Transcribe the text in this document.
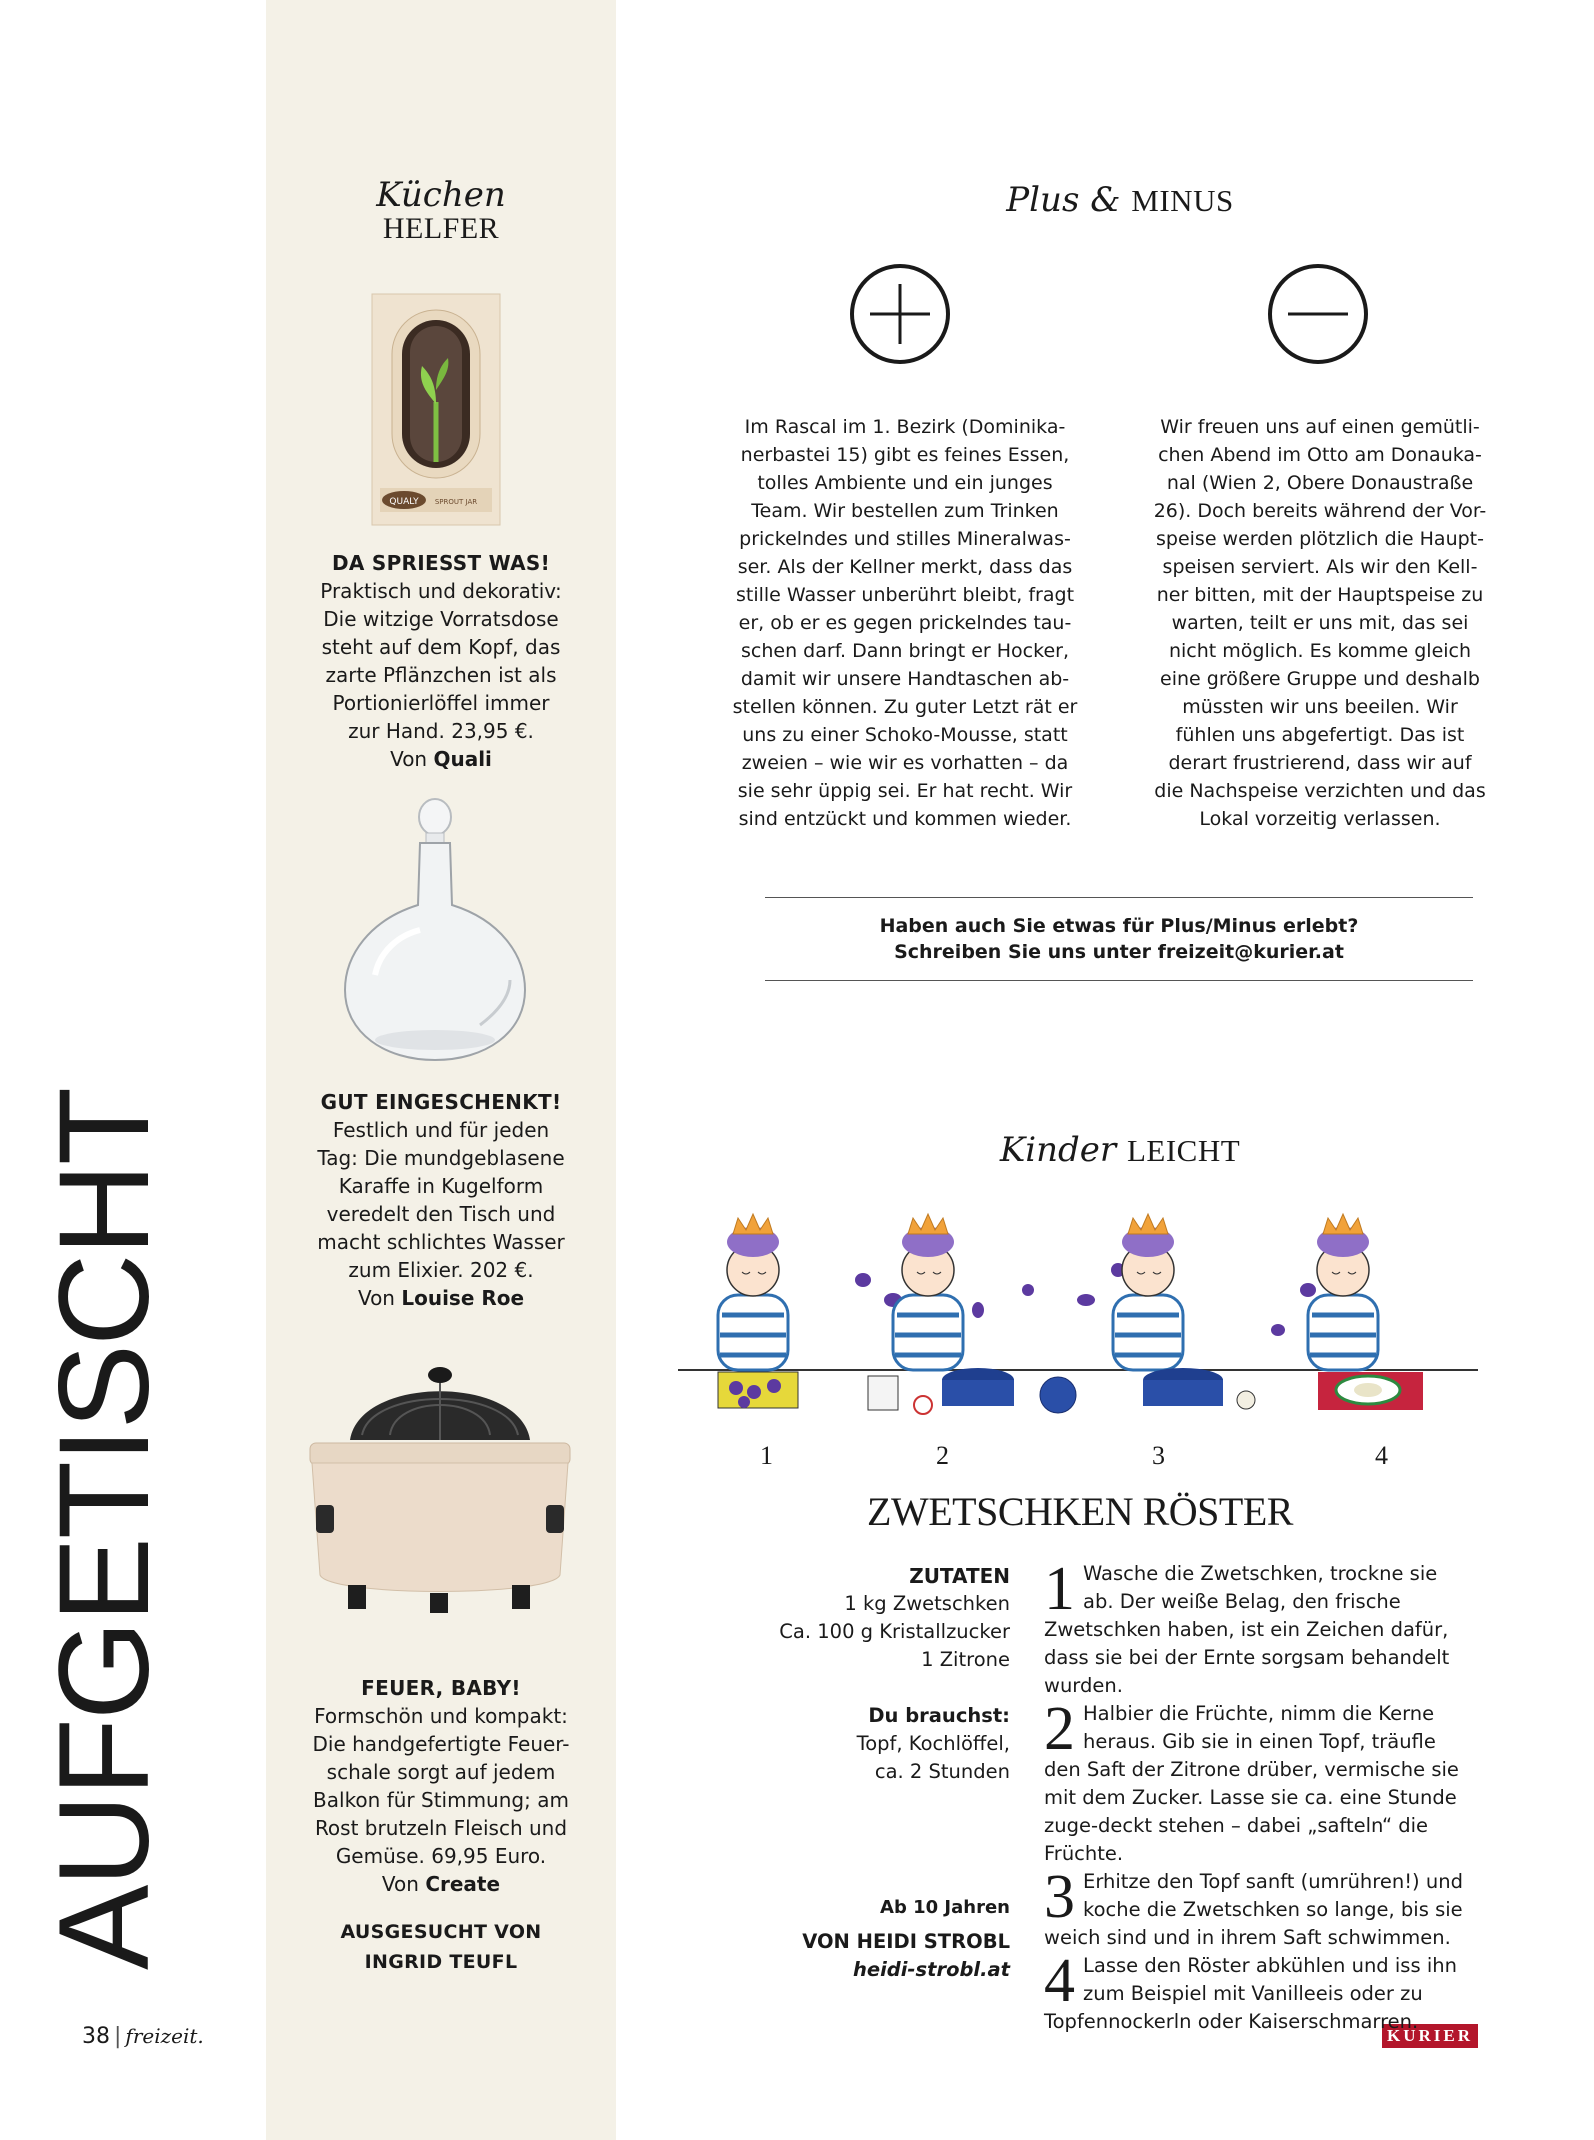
Küchen
HELFER
QUALY SPROUT JAR
DA SPRIESST WAS!
Praktisch und dekorativ:
Die witzige Vorratsdose
steht auf dem Kopf, das
zarte Pflänzchen ist als
Portionierlöffel immer
zur Hand. 23,95 €.
Von Quali
GUT EINGESCHENKT!
Festlich und für jeden
Tag: Die mundgeblasene
Karaffe in Kugelform
veredelt den Tisch und
macht schlichtes Wasser
zum Elixier. 202 €.
Von Louise Roe
FEUER, BABY!
Formschön und kompakt:
Die handgefertigte Feuer-
schale sorgt auf jedem
Balkon für Stimmung; am
Rost brutzeln Fleisch und
Gemüse. 69,95 Euro.
Von Create
AUSGESUCHT VON
INGRID TEUFL
AUFGETISCHT
38 | freizeit.	KURIER
Plus & MINUS
Im Rascal im 1. Bezirk (Dominika-
nerbastei 15) gibt es feines Essen,
tolles Ambiente und ein junges
Team. Wir bestellen zum Trinken
prickelndes und stilles Mineralwas-
ser. Als der Kellner merkt, dass das
stille Wasser unberührt bleibt, fragt
er, ob er es gegen prickelndes tau-
schen darf. Dann bringt er Hocker,
damit wir unsere Handtaschen ab-
stellen können. Zu guter Letzt rät er
uns zu einer Schoko-Mousse, statt
zweien – wie wir es vorhatten – da
sie sehr üppig sei. Er hat recht. Wir
sind entzückt und kommen wieder.
Wir freuen uns auf einen gemütli-
chen Abend im Otto am Donauka-
nal (Wien 2, Obere Donaustraße
26). Doch bereits während der Vor-
speise werden plötzlich die Haupt-
speisen serviert. Als wir den Kell-
ner bitten, mit der Hauptspeise zu
warten, teilt er uns mit, das sei
nicht möglich. Es komme gleich
eine größere Gruppe und deshalb
müssten wir uns beeilen. Wir
fühlen uns abgefertigt. Das ist
derart frustrierend, dass wir auf
die Nachspeise verzichten und das
Lokal vorzeitig verlassen.
Haben auch Sie etwas für Plus/Minus erlebt?
Schreiben Sie uns unter freizeit@kurier.at
Kinder LEICHT
1	2	3	4
ZWETSCHKEN RÖSTER
ZUTATEN
1 kg Zwetschken
Ca. 100 g Kristallzucker
1 Zitrone
Du brauchst:
Topf, Kochlöffel,
ca. 2 Stunden
Ab 10 Jahren
VON HEIDI STROBL
heidi-strobl.at
1 Wasche die Zwetschken, trockne sie ab. Der weiße Belag, den frische Zwetschken haben, ist ein Zeichen dafür, dass sie bei der Ernte sorgsam behandelt wurden.
2 Halbier die Früchte, nimm die Kerne heraus. Gib sie in einen Topf, träufle den Saft der Zitrone drüber, vermische sie mit dem Zucker. Lasse sie ca. eine Stunde zuge-deckt stehen – dabei „safteln“ die Früchte.
3 Erhitze den Topf sanft (umrühren!) und koche die Zwetschken so lange, bis sie weich sind und in ihrem Saft schwimmen.
4 Lasse den Röster abkühlen und iss ihn zum Beispiel mit Vanilleeis oder zu Topfennockerln oder Kaiserschmarren.
